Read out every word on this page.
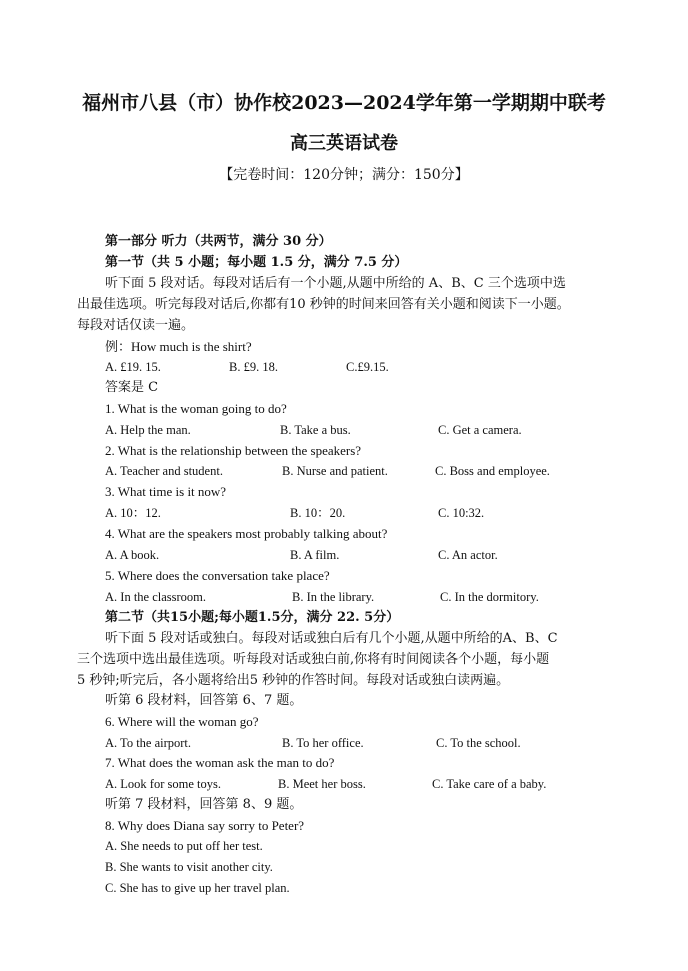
福州市八县（市）协作校2023—2024学年第一学期期中联考
高三英语试卷
【完卷时间：120分钟；满分：150分】
第一部分 听力（共两节，满分 30 分）
第一节（共 5 小题；每小题 1.5 分，满分 7.5 分）
听下面 5 段对话。每段对话后有一个小题,从题中所给的 A、B、C 三个选项中选
出最佳选项。听完每段对话后,你都有10 秒钟的时间来回答有关小题和阅读下一小题。
每段对话仅读一遍。
例：How much is the shirt?
A. £19. 15.	B. £9. 18.	C.£9.15.
答案是 C
1. What is the woman going to do?
A. Help the man.	B. Take a bus.	C. Get a camera.
2. What is the relationship between the speakers?
A. Teacher and student.	B. Nurse and patient.	C. Boss and employee.
3. What time is it now?
A. 10：12.	B. 10：20.	C. 10:32.
4. What are the speakers most probably talking about?
A. A book.	B. A film.	C. An actor.
5. Where does the conversation take place?
A. In the classroom.	B. In the library.	C. In the dormitory.
第二节（共15小题;每小题1.5分，满分 22. 5分）
听下面 5 段对话或独白。每段对话或独白后有几个小题,从题中所给的A、B、C
三个选项中选出最佳选项。听每段对话或独白前,你将有时间阅读各个小题，每小题
5 秒钟;听完后，各小题将给出5 秒钟的作答时间。每段对话或独白读两遍。
听第 6 段材料，回答第 6、7 题。
6. Where will the woman go?
A. To the airport.	B. To her office.	C. To the school.
7. What does the woman ask the man to do?
A. Look for some toys.	B. Meet her boss.	C. Take care of a baby.
听第 7 段材料，回答第 8、9 题。
8. Why does Diana say sorry to Peter?
A. She needs to put off her test.
B. She wants to visit another city.
C. She has to give up her travel plan.
